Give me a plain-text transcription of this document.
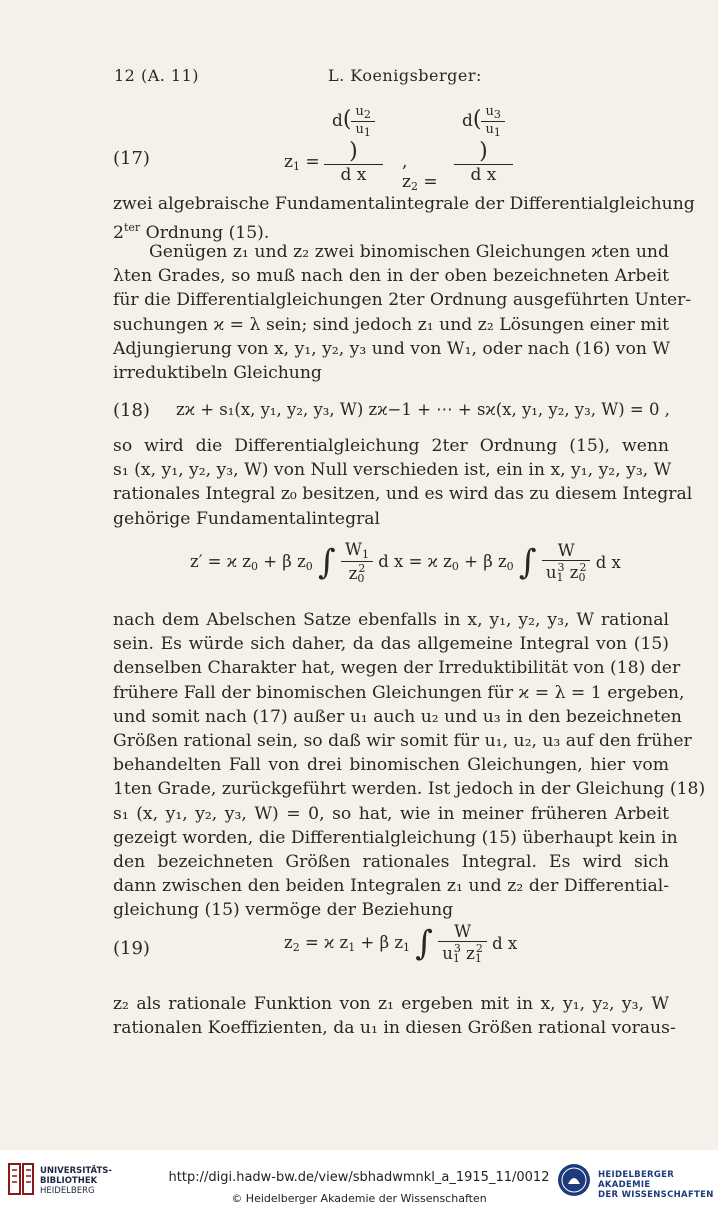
12 (A. 11)	L. Koenigsberger:
(17)	$z_1 = d( \frac{u_2}{u_1}$
)
d x ,  $z_2 = d( \frac{u_3}{u_1}$
)
d x
zwei algebraische Fundamentalintegrale der Differentialgleichung
$2^{ter}$ Ordnung (15).
Genügen z₁ und z₂ zwei binomischen Gleichungen ϰten und
λten Grades, so muß nach den in der oben bezeichneten Arbeit
für die Differentialgleichungen 2ter Ordnung ausgeführten Unter-
suchungen ϰ = λ sein; sind jedoch z₁ und z₂ Lösungen einer mit
Adjungierung von x, y₁, y₂, y₃ und von W₁, oder nach (16) von W
irreduktibeln Gleichung
(18) zϰ + s₁(x, y₁, y₂, y₃, W) zϰ−1 + ⋯ + sϰ(x, y₁, y₂, y₃, W) = 0 ,
so wird die Differentialgleichung 2ter Ordnung (15), wenn
s₁ (x, y₁, y₂, y₃, W) von Null verschieden ist, ein in x, y₁, y₂, y₃, W
rationales Integral z₀ besitzen, und es wird das zu diesem Integral
gehörige Fundamentalintegral
z′ = ϰ $z_0 + \beta$ $z_0$ ∫ $\frac{W_1}{z_0^2}$ d x = ϰ $z_0 + \beta$ $z_0$ ∫ $\frac{W}{u_1^3 z_0^2}$ d x
nach dem Abelschen Satze ebenfalls in x, y₁, y₂, y₃, W rational
sein. Es würde sich daher, da das allgemeine Integral von (15)
denselben Charakter hat, wegen der Irreduktibilität von (18) der
frühere Fall der binomischen Gleichungen für ϰ = λ = 1 ergeben,
und somit nach (17) außer u₁ auch u₂ und u₃ in den bezeichneten
Größen rational sein, so daß wir somit für u₁, u₂, u₃ auf den früher
behandelten Fall von drei binomischen Gleichungen, hier vom
1ten Grade, zurückgeführt werden. Ist jedoch in der Gleichung (18)
s₁ (x, y₁, y₂, y₃, W) = 0, so hat, wie in meiner früheren Arbeit
gezeigt worden, die Differentialgleichung (15) überhaupt kein in
den bezeichneten Größen rationales Integral. Es wird sich
dann zwischen den beiden Integralen z₁ und z₂ der Differential-
gleichung (15) vermöge der Beziehung
(19)	$z_2 = ϰ$ $z_1 + \beta$ $z_1$ ∫ $\frac{W}{u_1^3 z_1^2}$ d x
z₂ als rationale Funktion von z₁ ergeben mit in x, y₁, y₂, y₃, W
rationalen Koeffizienten, da u₁ in diesen Größen rational voraus-
UNIVERSITÄTS-
BIBLIOTHEK
HEIDELBERG
http://digi.hadw-bw.de/view/sbhadwmnkl_a_1915_11/0012
© Heidelberger Akademie der Wissenschaften
HEIDELBERGER AKADEMIE
DER WISSENSCHAFTEN
